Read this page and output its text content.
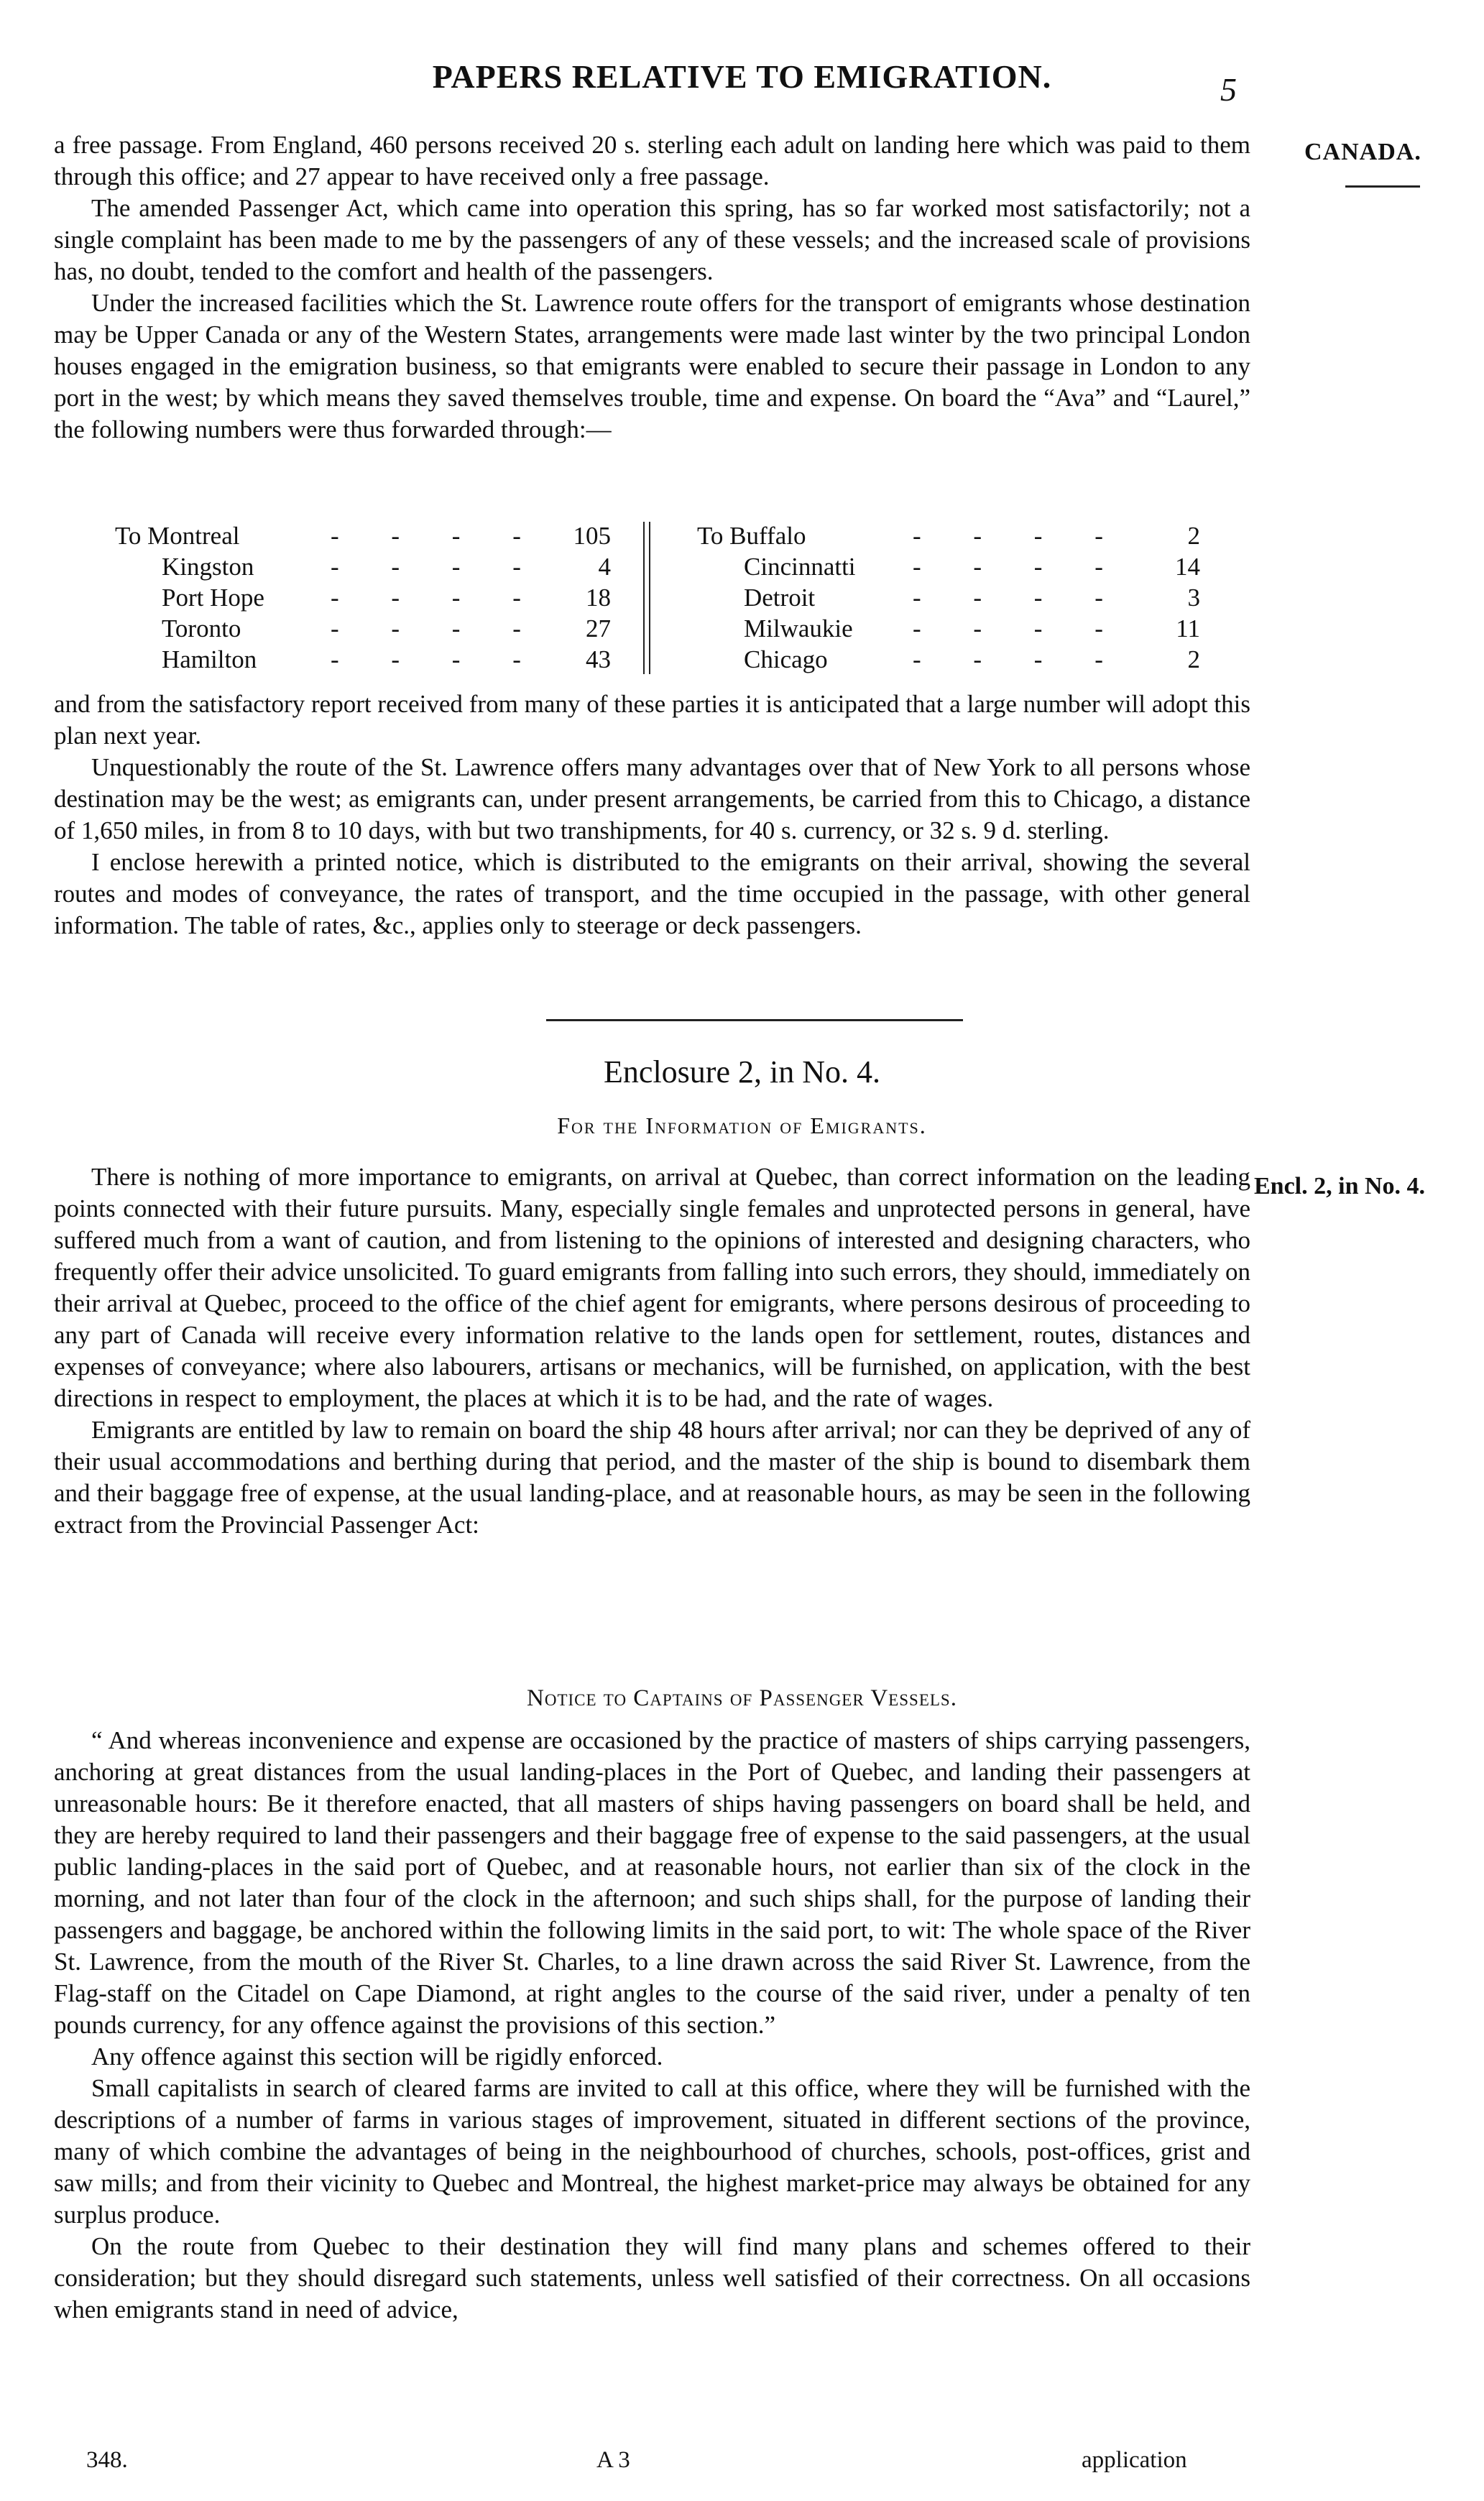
PAPERS RELATIVE TO EMIGRATION.	5
CANADA.

a free passage. From England, 460 persons received 20 s. sterling each adult on landing here which was paid to them through this office; and 27 appear to have received only a free passage.

The amended Passenger Act, which came into operation this spring, has so far worked most satisfactorily; not a single complaint has been made to me by the passengers of any of these vessels; and the increased scale of provisions has, no doubt, tended to the comfort and health of the passengers.

Under the increased facilities which the St. Lawrence route offers for the transport of emigrants whose destination may be Upper Canada or any of the Western States, arrangements were made last winter by the two principal London houses engaged in the emigration business, so that emigrants were enabled to secure their passage in London to any port in the west; by which means they saved themselves trouble, time and expense. On board the “Ava” and “Laurel,” the following numbers were thus forwarded through:—

To Montreal	- - - - 105
Kingston	- - - - 4
Port Hope	- - - - 18
Toronto	- - - - 27
Hamilton	- - - - 43
To Buffalo	- - - - 2
Cincinnatti - - - - 14
Detroit	- - - - 3
Milwaukie - - - - 11
Chicago	- - - - 2

and from the satisfactory report received from many of these parties it is anticipated that a large number will adopt this plan next year.

Unquestionably the route of the St. Lawrence offers many advantages over that of New York to all persons whose destination may be the west; as emigrants can, under present arrangements, be carried from this to Chicago, a distance of 1,650 miles, in from 8 to 10 days, with but two transhipments, for 40 s. currency, or 32 s. 9 d. sterling.

I enclose herewith a printed notice, which is distributed to the emigrants on their arrival, showing the several routes and modes of conveyance, the rates of transport, and the time occupied in the passage, with other general information. The table of rates, &c., applies only to steerage or deck passengers.

Enclosure 2, in No. 4.
For the Information of Emigrants.
Encl. 2, in No. 4.

There is nothing of more importance to emigrants, on arrival at Quebec, than correct information on the leading points connected with their future pursuits. Many, especially single females and unprotected persons in general, have suffered much from a want of caution, and from listening to the opinions of interested and designing characters, who frequently offer their advice unsolicited. To guard emigrants from falling into such errors, they should, immediately on their arrival at Quebec, proceed to the office of the chief agent for emigrants, where persons desirous of proceeding to any part of Canada will receive every information relative to the lands open for settlement, routes, distances and expenses of conveyance; where also labourers, artisans or mechanics, will be furnished, on application, with the best directions in respect to employment, the places at which it is to be had, and the rate of wages.

Emigrants are entitled by law to remain on board the ship 48 hours after arrival; nor can they be deprived of any of their usual accommodations and berthing during that period, and the master of the ship is bound to disembark them and their baggage free of expense, at the usual landing-place, and at reasonable hours, as may be seen in the following extract from the Provincial Passenger Act:

Notice to Captains of Passenger Vessels.

“ And whereas inconvenience and expense are occasioned by the practice of masters of ships carrying passengers, anchoring at great distances from the usual landing-places in the Port of Quebec, and landing their passengers at unreasonable hours: Be it therefore enacted, that all masters of ships having passengers on board shall be held, and they are hereby required to land their passengers and their baggage free of expense to the said passengers, at the usual public landing-places in the said port of Quebec, and at reasonable hours, not earlier than six of the clock in the morning, and not later than four of the clock in the afternoon; and such ships shall, for the purpose of landing their passengers and baggage, be anchored within the following limits in the said port, to wit: The whole space of the River St. Lawrence, from the mouth of the River St. Charles, to a line drawn across the said River St. Lawrence, from the Flag-staff on the Citadel on Cape Diamond, at right angles to the course of the said river, under a penalty of ten pounds currency, for any offence against the provisions of this section.”

Any offence against this section will be rigidly enforced.

Small capitalists in search of cleared farms are invited to call at this office, where they will be furnished with the descriptions of a number of farms in various stages of improvement, situated in different sections of the province, many of which combine the advantages of being in the neighbourhood of churches, schools, post-offices, grist and saw mills; and from their vicinity to Quebec and Montreal, the highest market-price may always be obtained for any surplus produce.

On the route from Quebec to their destination they will find many plans and schemes offered to their consideration; but they should disregard such statements, unless well satisfied of their correctness. On all occasions when emigrants stand in need of advice,

348.	A 3	application
